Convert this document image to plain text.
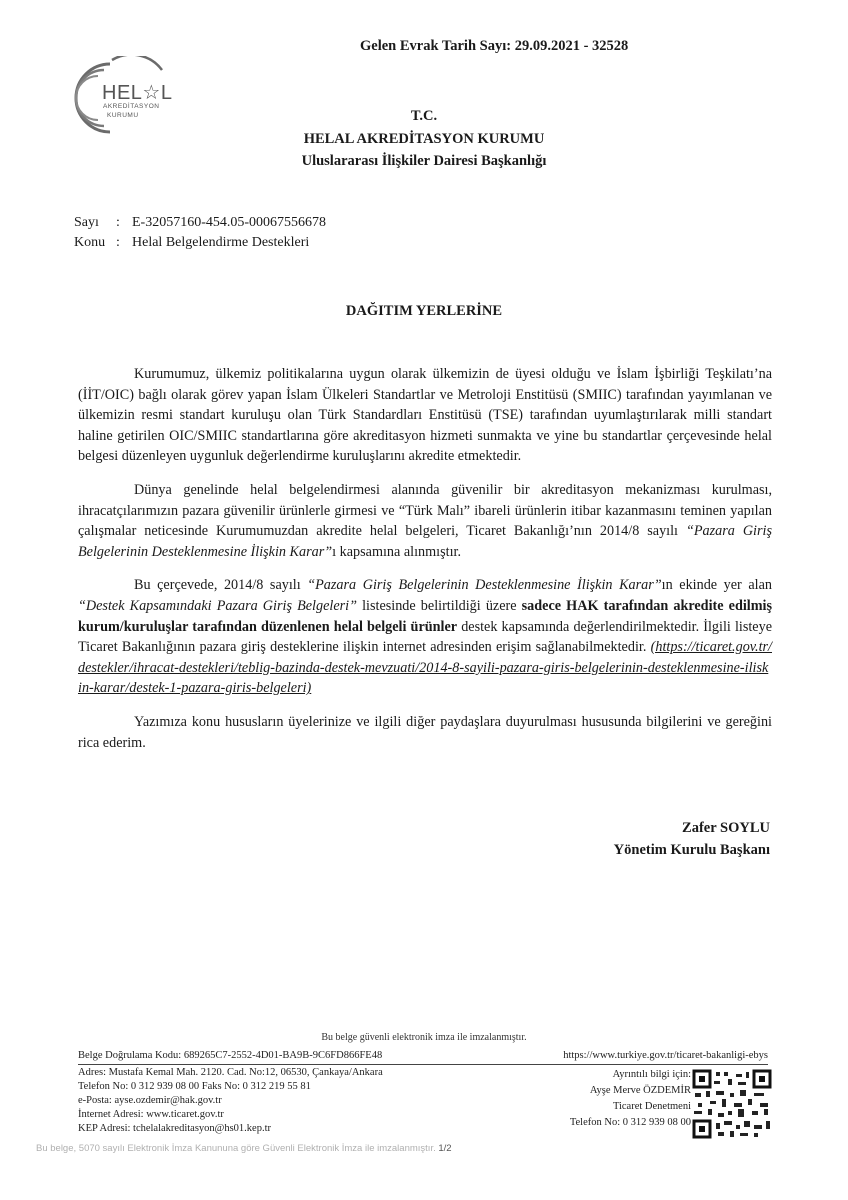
Gelen Evrak Tarih Sayı: 29.09.2021 - 32528
HEL☆L
AKREDİTASYON
KURUMU	T.C.
HELAL AKREDİTASYON KURUMU
Uluslararası İlişkiler Dairesi Başkanlığı
Sayı : E-32057160-454.05-00067556678
Konu : Helal Belgelendirme Destekleri
DAĞITIM YERLERİNE

Kurumumuz, ülkemiz politikalarına uygun olarak ülkemizin de üyesi olduğu ve İslam İşbirliği Teşkilatı’na (İİT/OIC) bağlı olarak görev yapan İslam Ülkeleri Standartlar ve Metroloji Enstitüsü (SMIIC) tarafından yayımlanan ve ülkemizin resmi standart kuruluşu olan Türk Standardları Enstitüsü (TSE) tarafından uyumlaştırılarak milli standart haline getirilen OIC/SMIIC standartlarına göre akreditasyon hizmeti sunmakta ve yine bu standartlar çerçevesinde helal belgesi düzenleyen uygunluk değerlendirme kuruluşlarını akredite etmektedir.

Dünya genelinde helal belgelendirmesi alanında güvenilir bir akreditasyon mekanizması kurulması, ihracatçılarımızın pazara güvenilir ürünlerle girmesi ve “Türk Malı” ibareli ürünlerin itibar kazanmasını teminen yapılan çalışmalar neticesinde Kurumumuzdan akredite helal belgeleri, Ticaret Bakanlığı’nın 2014/8 sayılı “Pazara Giriş Belgelerinin Desteklenmesine İlişkin Karar”ı kapsamına alınmıştır.

Bu çerçevede, 2014/8 sayılı “Pazara Giriş Belgelerinin Desteklenmesine İlişkin Karar”ın ekinde yer alan “Destek Kapsamındaki Pazara Giriş Belgeleri” listesinde belirtildiği üzere sadece HAK tarafından akredite edilmiş kurum/kuruluşlar tarafından düzenlenen helal belgeli ürünler destek kapsamında değerlendirilmektedir. İlgili listeye Ticaret Bakanlığının pazara giriş desteklerine ilişkin internet adresinden erişim sağlanabilmektedir. (https://ticaret.gov.tr/destekler/ihracat-destekleri/teblig-bazinda-destek-mevzuati/2014-8-sayili-pazara-giris-belgelerinin-desteklenmesine-iliskin-karar/destek-1-pazara-giris-belgeleri)

Yazımıza konu hususların üyelerinize ve ilgili diğer paydaşlara duyurulması hususunda bilgilerini ve gereğini rica ederim.

Zafer SOYLU
Yönetim Kurulu Başkanı
Bu belge güvenli elektronik imza ile imzalanmıştır.
Belge Doğrulama Kodu: 689265C7-2552-4D01-BA9B-9C6FD866FE48	https://www.turkiye.gov.tr/ticaret-bakanligi-ebys
Adres: Mustafa Kemal Mah. 2120. Cad. No:12, 06530, Çankaya/Ankara
Telefon No: 0 312 939 08 00 Faks No: 0 312 219 55 81
e-Posta: ayse.ozdemir@hak.gov.tr
İnternet Adresi: www.ticaret.gov.tr
KEP Adresi: tchelalakreditasyon@hs01.kep.tr
Ayrıntılı bilgi için:
Ayşe Merve ÖZDEMİR
Ticaret Denetmeni
Telefon No: 0 312 939 08 00
Bu belge, 5070 sayılı Elektronik İmza Kanununa göre Güvenli Elektronik İmza ile imzalanmıştır. 1/2
